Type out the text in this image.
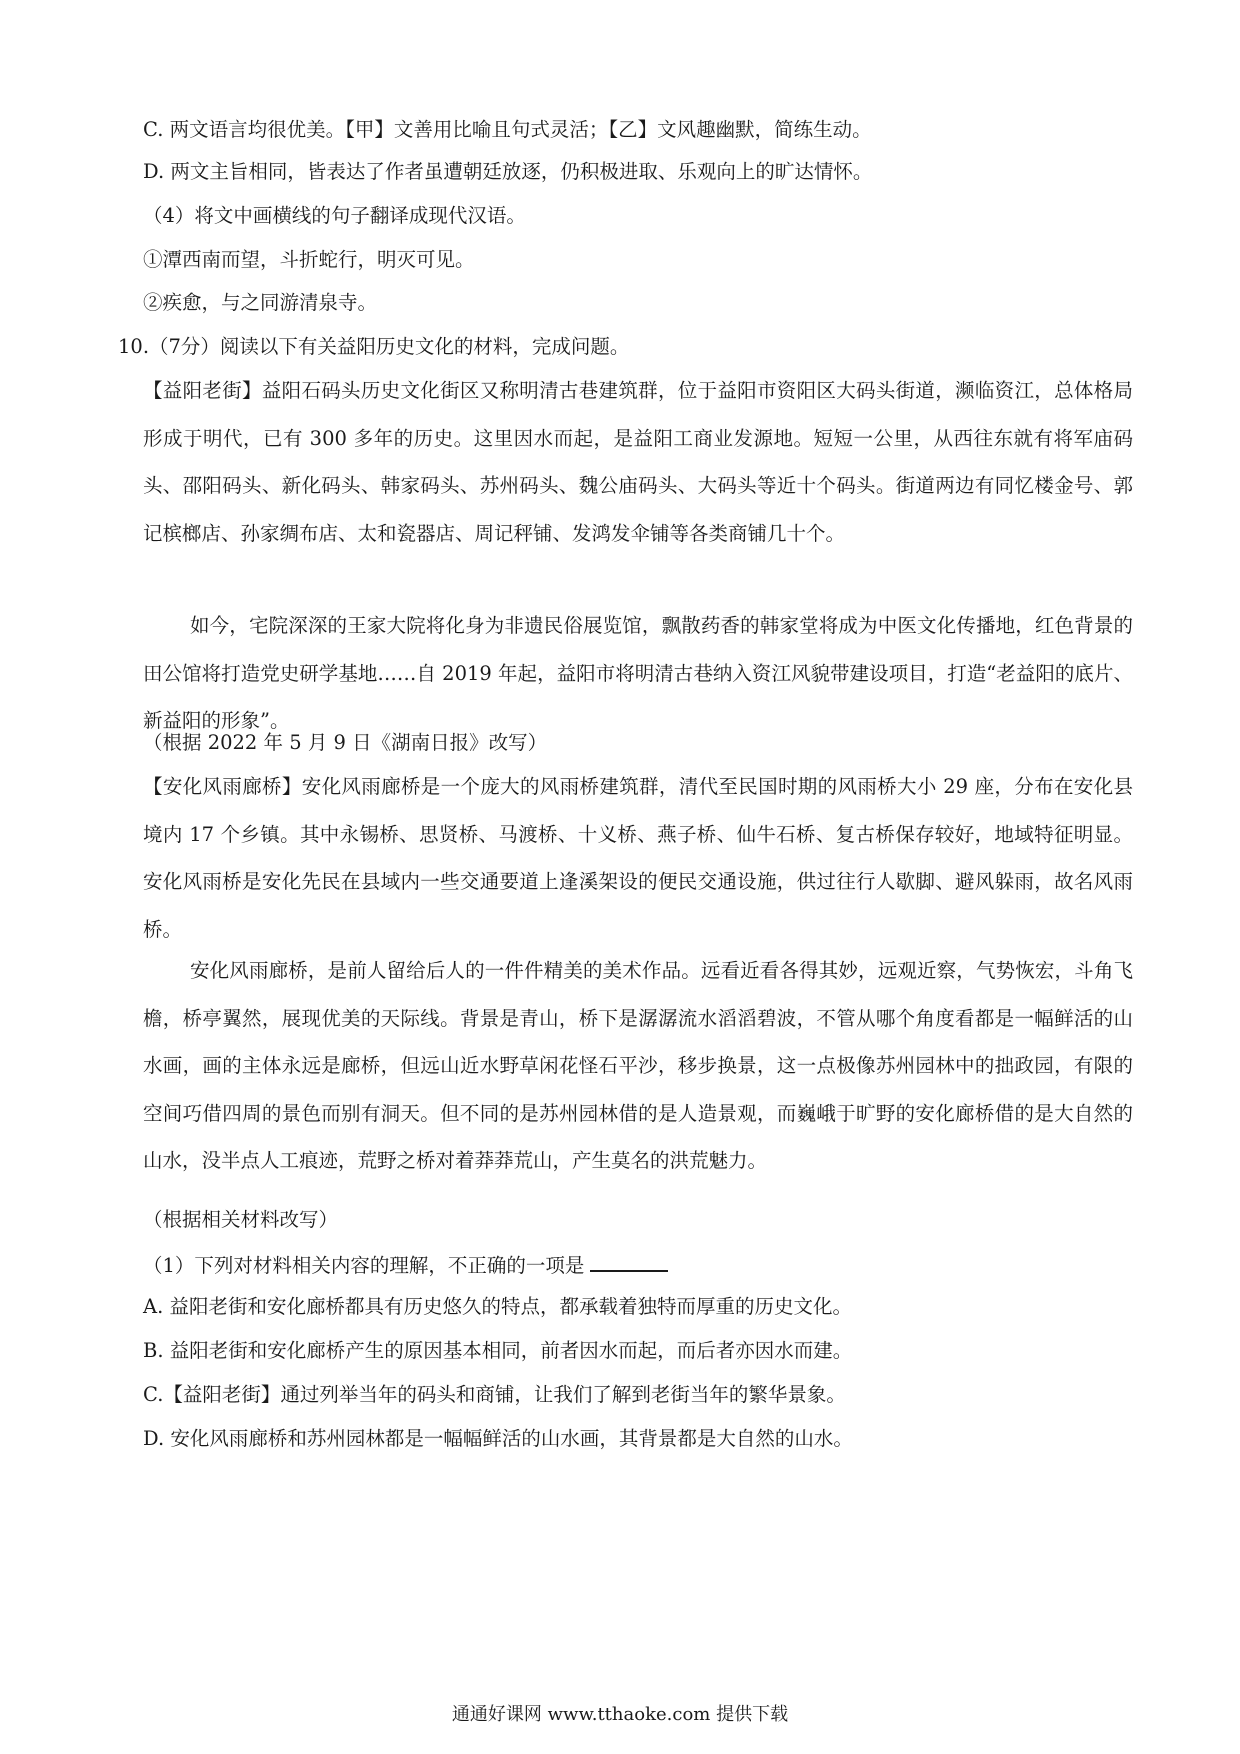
C. 两文语言均很优美。【甲】文善用比喻且句式灵活；【乙】文风趣幽默，简练生动。
D. 两文主旨相同，皆表达了作者虽遭朝廷放逐，仍积极进取、乐观向上的旷达情怀。
（4）将文中画横线的句子翻译成现代汉语。
①潭西南而望，斗折蛇行，明灭可见。
②疾愈，与之同游清泉寺。
10.（7分）阅读以下有关益阳历史文化的材料，完成问题。
【益阳老街】益阳石码头历史文化街区又称明清古巷建筑群，位于益阳市资阳区大码头街道，濒临资江，总体格局形成于明代，已有 300 多年的历史。这里因水而起，是益阳工商业发源地。短短一公里，从西往东就有将军庙码头、邵阳码头、新化码头、韩家码头、苏州码头、魏公庙码头、大码头等近十个码头。街道两边有同忆楼金号、郭记槟榔店、孙家绸布店、太和瓷器店、周记秤铺、发鸿发伞铺等各类商铺几十个。
如今，宅院深深的王家大院将化身为非遗民俗展览馆，飘散药香的韩家堂将成为中医文化传播地，红色背景的田公馆将打造党史研学基地……自 2019 年起，益阳市将明清古巷纳入资江风貌带建设项目，打造“老益阳的底片、新益阳的形象”。
（根据 2022 年 5 月 9 日《湖南日报》改写）
【安化风雨廊桥】安化风雨廊桥是一个庞大的风雨桥建筑群，清代至民国时期的风雨桥大小 29 座，分布在安化县境内 17 个乡镇。其中永锡桥、思贤桥、马渡桥、十义桥、燕子桥、仙牛石桥、复古桥保存较好，地域特征明显。安化风雨桥是安化先民在县域内一些交通要道上逢溪架设的便民交通设施，供过往行人歇脚、避风躲雨，故名风雨桥。
安化风雨廊桥，是前人留给后人的一件件精美的美术作品。远看近看各得其妙，远观近察，气势恢宏，斗角飞檐，桥亭翼然，展现优美的天际线。背景是青山，桥下是潺潺流水滔滔碧波，不管从哪个角度看都是一幅鲜活的山水画，画的主体永远是廊桥，但远山近水野草闲花怪石平沙，移步换景，这一点极像苏州园林中的拙政园，有限的空间巧借四周的景色而别有洞天。但不同的是苏州园林借的是人造景观，而巍峨于旷野的安化廊桥借的是大自然的山水，没半点人工痕迹，荒野之桥对着莽莽荒山，产生莫名的洪荒魅力。
（根据相关材料改写）
（1）下列对材料相关内容的理解，不正确的一项是
A. 益阳老街和安化廊桥都具有历史悠久的特点，都承载着独特而厚重的历史文化。
B. 益阳老街和安化廊桥产生的原因基本相同，前者因水而起，而后者亦因水而建。
C.【益阳老街】通过列举当年的码头和商铺，让我们了解到老街当年的繁华景象。
D. 安化风雨廊桥和苏州园林都是一幅幅鲜活的山水画，其背景都是大自然的山水。
通通好课网 www.tthaoke.com 提供下载
